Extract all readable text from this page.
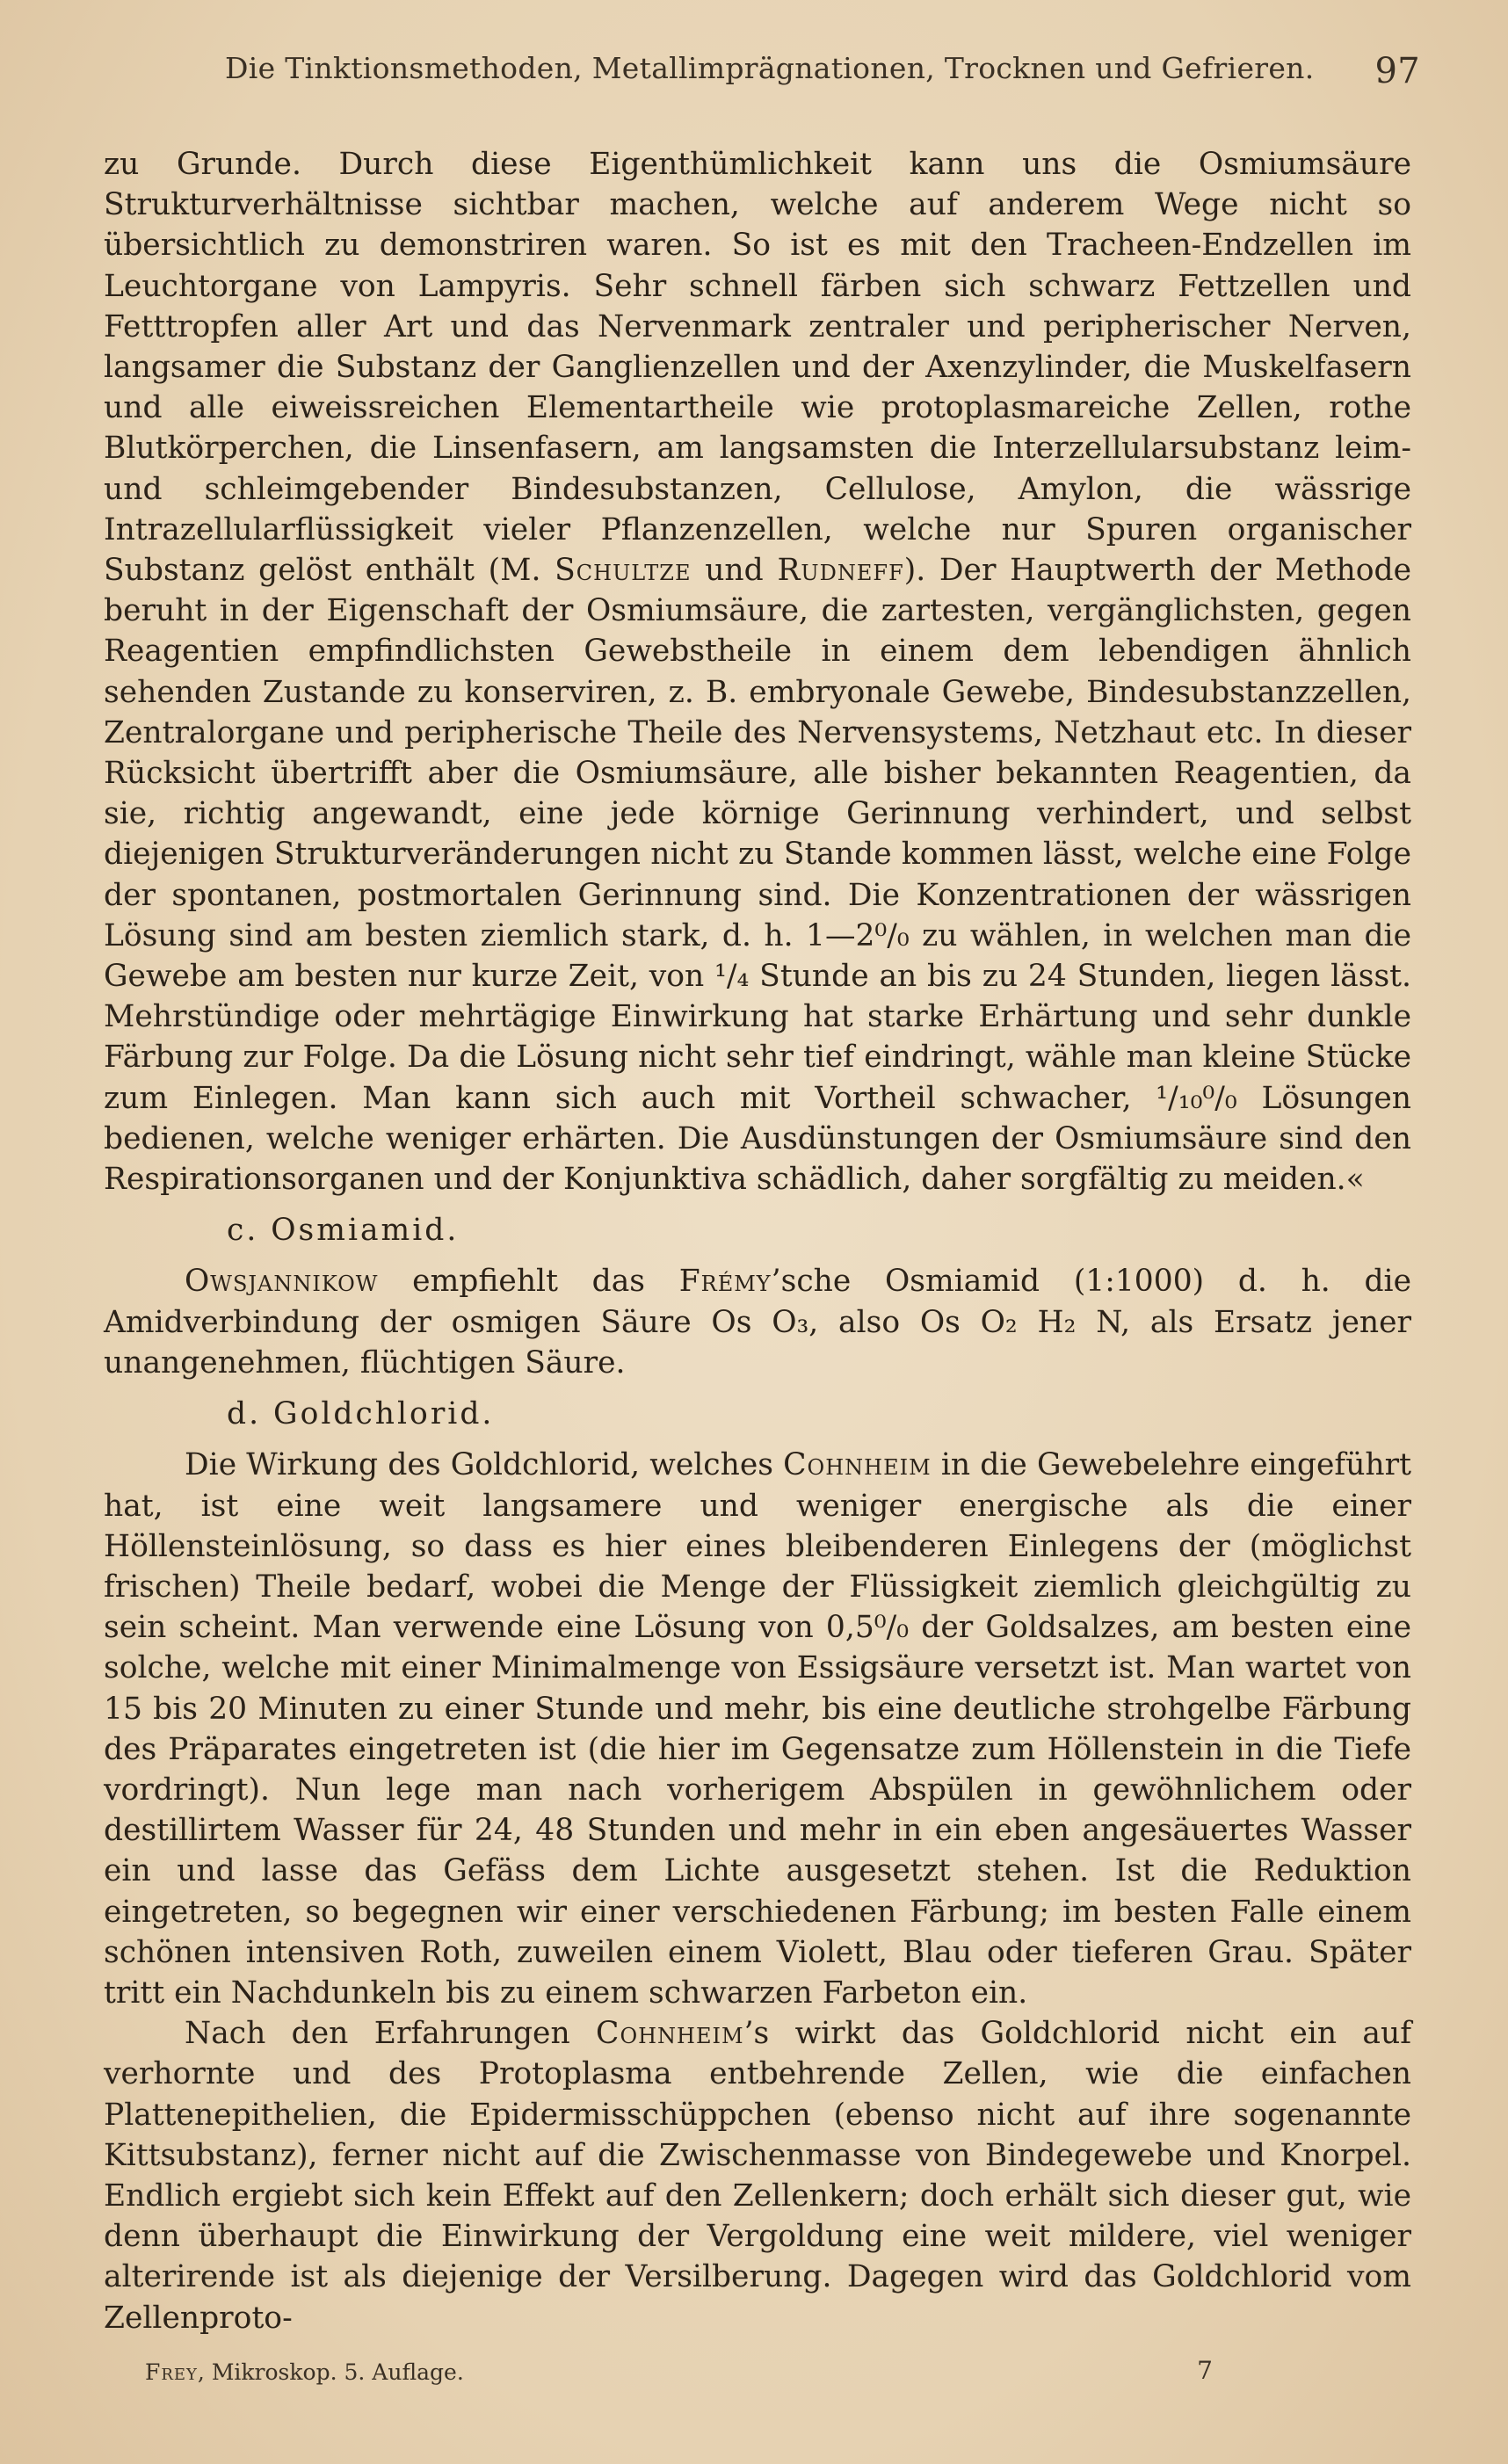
Die Tinktionsmethoden, Metallimprägnationen, Trocknen und Gefrieren. 97

zu Grunde. Durch diese Eigenthümlichkeit kann uns die Osmiumsäure Strukturverhältnisse sichtbar machen, welche auf anderem Wege nicht so übersichtlich zu demonstriren waren. So ist es mit den Tracheen-Endzellen im Leuchtorgane von Lampyris. Sehr schnell färben sich schwarz Fettzellen und Fetttropfen aller Art und das Nervenmark zentraler und peripherischer Nerven, langsamer die Substanz der Ganglienzellen und der Axenzylinder, die Muskelfasern und alle eiweissreichen Elementartheile wie protoplasmareiche Zellen, rothe Blutkörperchen, die Linsenfasern, am langsamsten die Interzellularsubstanz leim- und schleimgebender Bindesubstanzen, Cellulose, Amylon, die wässrige Intrazellularflüssigkeit vieler Pflanzenzellen, welche nur Spuren organischer Substanz gelöst enthält (M. Schultze und Rudneff). Der Hauptwerth der Methode beruht in der Eigenschaft der Osmiumsäure, die zartesten, vergänglichsten, gegen Reagentien empfindlichsten Gewebstheile in einem dem lebendigen ähnlich sehenden Zustande zu konserviren, z. B. embryonale Gewebe, Bindesubstanzzellen, Zentralorgane und peripherische Theile des Nervensystems, Netzhaut etc. In dieser Rücksicht übertrifft aber die Osmiumsäure, alle bisher bekannten Reagentien, da sie, richtig angewandt, eine jede körnige Gerinnung verhindert, und selbst diejenigen Strukturveränderungen nicht zu Stande kommen lässt, welche eine Folge der spontanen, postmortalen Gerinnung sind. Die Konzentrationen der wässrigen Lösung sind am besten ziemlich stark, d. h. 1—2⁰/₀ zu wählen, in welchen man die Gewebe am besten nur kurze Zeit, von ¹/₄ Stunde an bis zu 24 Stunden, liegen lässt. Mehrstündige oder mehrtägige Einwirkung hat starke Erhärtung und sehr dunkle Färbung zur Folge. Da die Lösung nicht sehr tief eindringt, wähle man kleine Stücke zum Einlegen. Man kann sich auch mit Vortheil schwacher, ¹/₁₀⁰/₀ Lösungen bedienen, welche weniger erhärten. Die Ausdünstungen der Osmiumsäure sind den Respirationsorganen und der Konjunktiva schädlich, daher sorgfältig zu meiden.«

c. Osmiamid.

Owsjannikow empfiehlt das Frémy’sche Osmiamid (1:1000) d. h. die Amidverbindung der osmigen Säure Os O₃, also Os O₂ H₂ N, als Ersatz jener unangenehmen, flüchtigen Säure.

d. Goldchlorid.

Die Wirkung des Goldchlorid, welches Cohnheim in die Gewebelehre eingeführt hat, ist eine weit langsamere und weniger energische als die einer Höllensteinlösung, so dass es hier eines bleibenderen Einlegens der (möglichst frischen) Theile bedarf, wobei die Menge der Flüssigkeit ziemlich gleichgültig zu sein scheint. Man verwende eine Lösung von 0,5⁰/₀ der Goldsalzes, am besten eine solche, welche mit einer Minimalmenge von Essigsäure versetzt ist. Man wartet von 15 bis 20 Minuten zu einer Stunde und mehr, bis eine deutliche strohgelbe Färbung des Präparates eingetreten ist (die hier im Gegensatze zum Höllenstein in die Tiefe vordringt). Nun lege man nach vorherigem Abspülen in gewöhnlichem oder destillirtem Wasser für 24, 48 Stunden und mehr in ein eben angesäuertes Wasser ein und lasse das Gefäss dem Lichte ausgesetzt stehen. Ist die Reduktion eingetreten, so begegnen wir einer verschiedenen Färbung; im besten Falle einem schönen intensiven Roth, zuweilen einem Violett, Blau oder tieferen Grau. Später tritt ein Nachdunkeln bis zu einem schwarzen Farbeton ein.

Nach den Erfahrungen Cohnheim’s wirkt das Goldchlorid nicht ein auf verhornte und des Protoplasma entbehrende Zellen, wie die einfachen Plattenepithelien, die Epidermisschüppchen (ebenso nicht auf ihre sogenannte Kittsubstanz), ferner nicht auf die Zwischenmasse von Bindegewebe und Knorpel. Endlich ergiebt sich kein Effekt auf den Zellenkern; doch erhält sich dieser gut, wie denn überhaupt die Einwirkung der Vergoldung eine weit mildere, viel weniger alterirende ist als diejenige der Versilberung. Dagegen wird das Goldchlorid vom Zellenproto-

Frey, Mikroskop. 5. Auflage.	7
